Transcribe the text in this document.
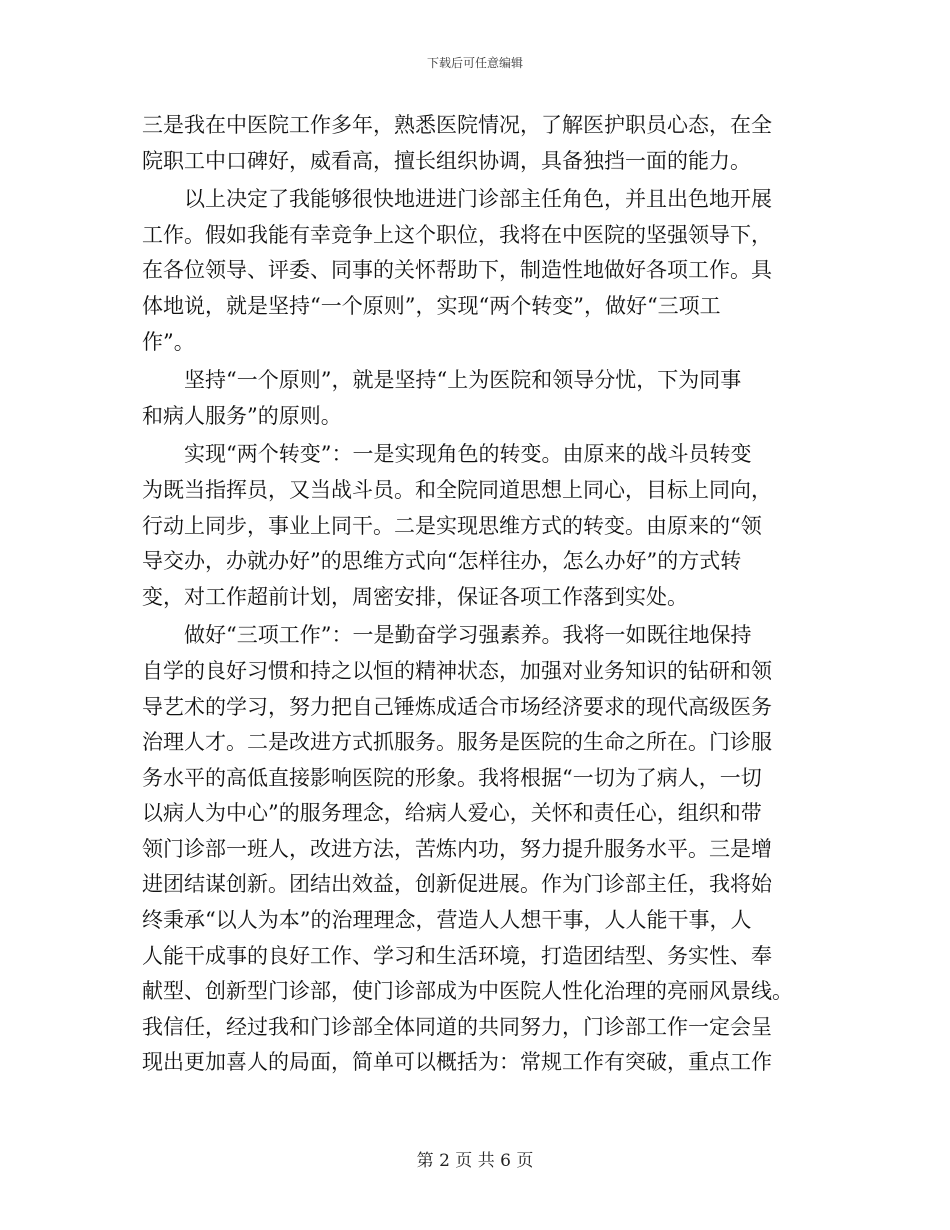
下载后可任意编辑
三是我在中医院工作多年，熟悉医院情况，了解医护职员心态，在全
院职工中口碑好，威看高，擅长组织协调，具备独挡一面的能力。
　　以上决定了我能够很快地进进门诊部主任角色，并且出色地开展
工作。假如我能有幸竞争上这个职位，我将在中医院的坚强领导下，
在各位领导、评委、同事的关怀帮助下，制造性地做好各项工作。具
体地说，就是坚持“一个原则”，实现“两个转变”，做好“三项工
作”。
　　坚持“一个原则”，就是坚持“上为医院和领导分忧，下为同事
和病人服务”的原则。
　　实现“两个转变”：一是实现角色的转变。由原来的战斗员转变
为既当指挥员，又当战斗员。和全院同道思想上同心，目标上同向，
行动上同步，事业上同干。二是实现思维方式的转变。由原来的“领
导交办，办就办好”的思维方式向“怎样往办，怎么办好”的方式转
变，对工作超前计划，周密安排，保证各项工作落到实处。
　　做好“三项工作”：一是勤奋学习强素养。我将一如既往地保持
自学的良好习惯和持之以恒的精神状态，加强对业务知识的钻研和领
导艺术的学习，努力把自己锤炼成适合市场经济要求的现代高级医务
治理人才。二是改进方式抓服务。服务是医院的生命之所在。门诊服
务水平的高低直接影响医院的形象。我将根据“一切为了病人，一切
以病人为中心”的服务理念，给病人爱心，关怀和责任心，组织和带
领门诊部一班人，改进方法，苦炼内功，努力提升服务水平。三是增
进团结谋创新。团结出效益，创新促进展。作为门诊部主任，我将始
终秉承“以人为本”的治理理念，营造人人想干事，人人能干事，人
人能干成事的良好工作、学习和生活环境，打造团结型、务实性、奉
献型、创新型门诊部，使门诊部成为中医院人性化治理的亮丽风景线。
我信任，经过我和门诊部全体同道的共同努力，门诊部工作一定会呈
现出更加喜人的局面，简单可以概括为：常规工作有突破，重点工作
第 2 页 共 6 页
